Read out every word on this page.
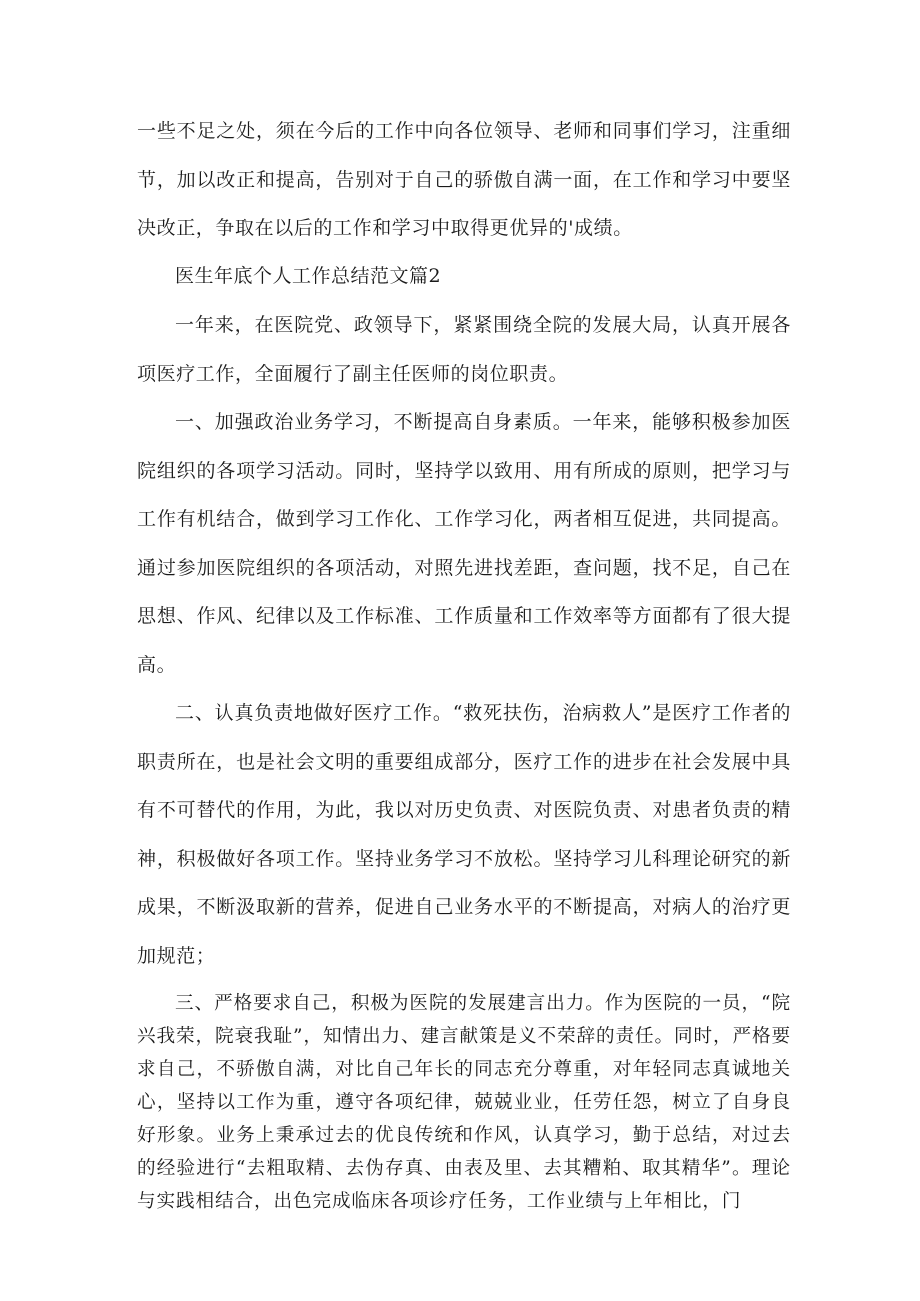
一些不足之处，须在今后的工作中向各位领导、老师和同事们学习，注重细节，加以改正和提高，告别对于自己的骄傲自满一面，在工作和学习中要坚决改正，争取在以后的工作和学习中取得更优异的'成绩。

医生年底个人工作总结范文篇2

一年来，在医院党、政领导下，紧紧围绕全院的发展大局，认真开展各项医疗工作，全面履行了副主任医师的岗位职责。

一、加强政治业务学习，不断提高自身素质。一年来，能够积极参加医院组织的各项学习活动。同时，坚持学以致用、用有所成的原则，把学习与工作有机结合，做到学习工作化、工作学习化，两者相互促进，共同提高。通过参加医院组织的各项活动，对照先进找差距，查问题，找不足，自己在思想、作风、纪律以及工作标准、工作质量和工作效率等方面都有了很大提高。

二、认真负责地做好医疗工作。“救死扶伤，治病救人”是医疗工作者的职责所在，也是社会文明的重要组成部分，医疗工作的进步在社会发展中具有不可替代的作用，为此，我以对历史负责、对医院负责、对患者负责的精神，积极做好各项工作。坚持业务学习不放松。坚持学习儿科理论研究的新成果，不断汲取新的营养，促进自己业务水平的不断提高，对病人的治疗更加规范；

三、严格要求自己，积极为医院的发展建言出力。作为医院的一员，“院兴我荣，院衰我耻”，知情出力、建言献策是义不荣辞的责任。同时，严格要求自己，不骄傲自满，对比自己年长的同志充分尊重，对年轻同志真诚地关心，坚持以工作为重，遵守各项纪律，兢兢业业，任劳任怨，树立了自身良好形象。业务上秉承过去的优良传统和作风，认真学习，勤于总结，对过去的经验进行“去粗取精、去伪存真、由表及里、去其糟粕、取其精华”。理论与实践相结合，出色完成临床各项诊疗任务，工作业绩与上年相比，门
